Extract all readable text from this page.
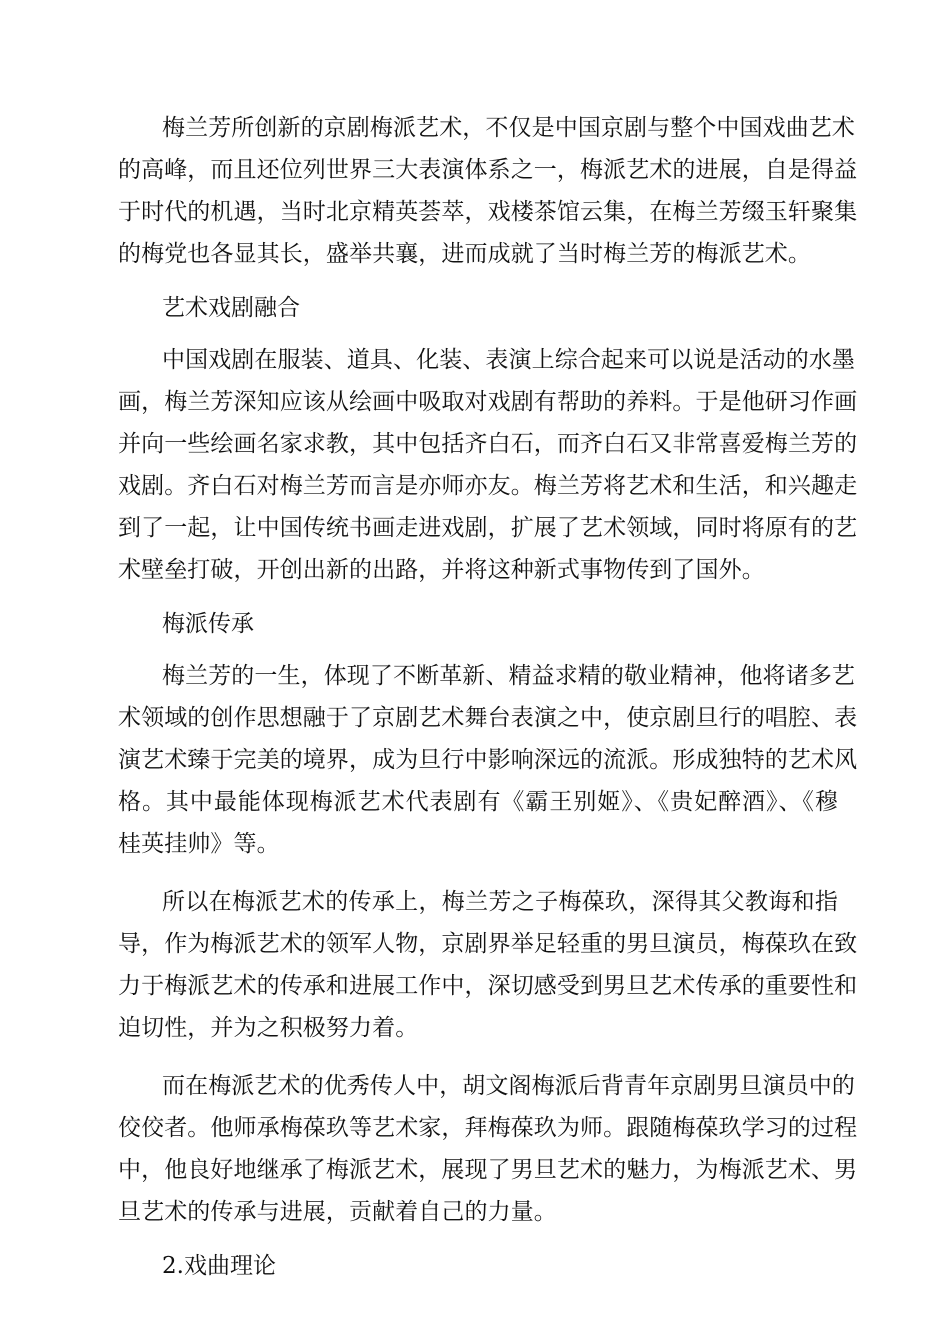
梅兰芳所创新的京剧梅派艺术，不仅是中国京剧与整个中国戏曲艺术
的高峰，而且还位列世界三大表演体系之一，梅派艺术的进展，自是得益
于时代的机遇，当时北京精英荟萃，戏楼茶馆云集，在梅兰芳缀玉轩聚集
的梅党也各显其长，盛举共襄，进而成就了当时梅兰芳的梅派艺术。
艺术戏剧融合
中国戏剧在服装、道具、化装、表演上综合起来可以说是活动的水墨
画，梅兰芳深知应该从绘画中吸取对戏剧有帮助的养料。于是他研习作画
并向一些绘画名家求教，其中包括齐白石，而齐白石又非常喜爱梅兰芳的
戏剧。齐白石对梅兰芳而言是亦师亦友。梅兰芳将艺术和生活，和兴趣走
到了一起，让中国传统书画走进戏剧，扩展了艺术领域，同时将原有的艺
术壁垒打破，开创出新的出路，并将这种新式事物传到了国外。
梅派传承
梅兰芳的一生，体现了不断革新、精益求精的敬业精神，他将诸多艺
术领域的创作思想融于了京剧艺术舞台表演之中，使京剧旦行的唱腔、表
演艺术臻于完美的境界，成为旦行中影响深远的流派。形成独特的艺术风
格。其中最能体现梅派艺术代表剧有《霸王别姬》、《贵妃醉酒》、《穆
桂英挂帅》等。
所以在梅派艺术的传承上，梅兰芳之子梅葆玖，深得其父教诲和指
导，作为梅派艺术的领军人物，京剧界举足轻重的男旦演员，梅葆玖在致
力于梅派艺术的传承和进展工作中，深切感受到男旦艺术传承的重要性和
迫切性，并为之积极努力着。
而在梅派艺术的优秀传人中，胡文阁梅派后背青年京剧男旦演员中的
佼佼者。他师承梅葆玖等艺术家，拜梅葆玖为师。跟随梅葆玖学习的过程
中，他良好地继承了梅派艺术，展现了男旦艺术的魅力，为梅派艺术、男
旦艺术的传承与进展，贡献着自己的力量。
2.戏曲理论
